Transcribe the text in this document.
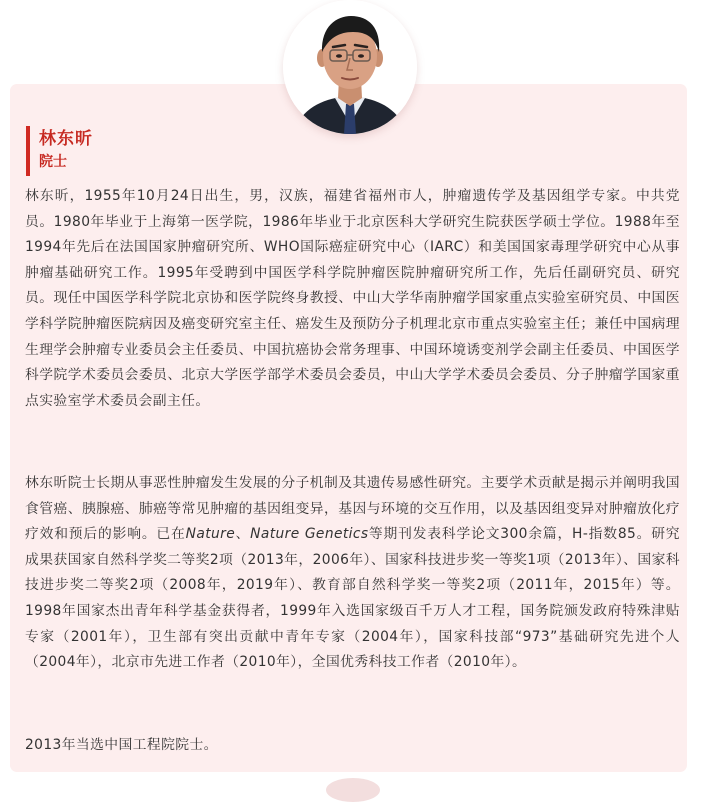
林东昕
院士

林东昕，1955年10月24日出生，男，汉族，福建省福州市人，肿瘤遗传学及基因组学专家。中共党员。1980年毕业于上海第一医学院，1986年毕业于北京医科大学研究生院获医学硕士学位。1988年至1994年先后在法国国家肿瘤研究所、WHO国际癌症研究中心（IARC）和美国国家毒理学研究中心从事肿瘤基础研究工作。1995年受聘到中国医学科学院肿瘤医院肿瘤研究所工作，先后任副研究员、研究员。现任中国医学科学院北京协和医学院终身教授、中山大学华南肿瘤学国家重点实验室研究员、中国医学科学院肿瘤医院病因及癌变研究室主任、癌发生及预防分子机理北京市重点实验室主任；兼任中国病理生理学会肿瘤专业委员会主任委员、中国抗癌协会常务理事、中国环境诱变剂学会副主任委员、中国医学科学院学术委员会委员、北京大学医学部学术委员会委员，中山大学学术委员会委员、分子肿瘤学国家重点实验室学术委员会副主任。

林东昕院士长期从事恶性肿瘤发生发展的分子机制及其遗传易感性研究。主要学术贡献是揭示并阐明我国食管癌、胰腺癌、肺癌等常见肿瘤的基因组变异，基因与环境的交互作用，以及基因组变异对肿瘤放化疗疗效和预后的影响。已在Nature、Nature Genetics等期刊发表科学论文300余篇，H-指数85。研究成果获国家自然科学奖二等奖2项（2013年，2006年）、国家科技进步奖一等奖1项（2013年）、国家科技进步奖二等奖2项（2008年，2019年）、教育部自然科学奖一等奖2项（2011年，2015年）等。1998年国家杰出青年科学基金获得者，1999年入选国家级百千万人才工程，国务院颁发政府特殊津贴专家（2001年），卫生部有突出贡献中青年专家（2004年），国家科技部“973”基础研究先进个人（2004年），北京市先进工作者（2010年），全国优秀科技工作者（2010年）。

2013年当选中国工程院院士。
